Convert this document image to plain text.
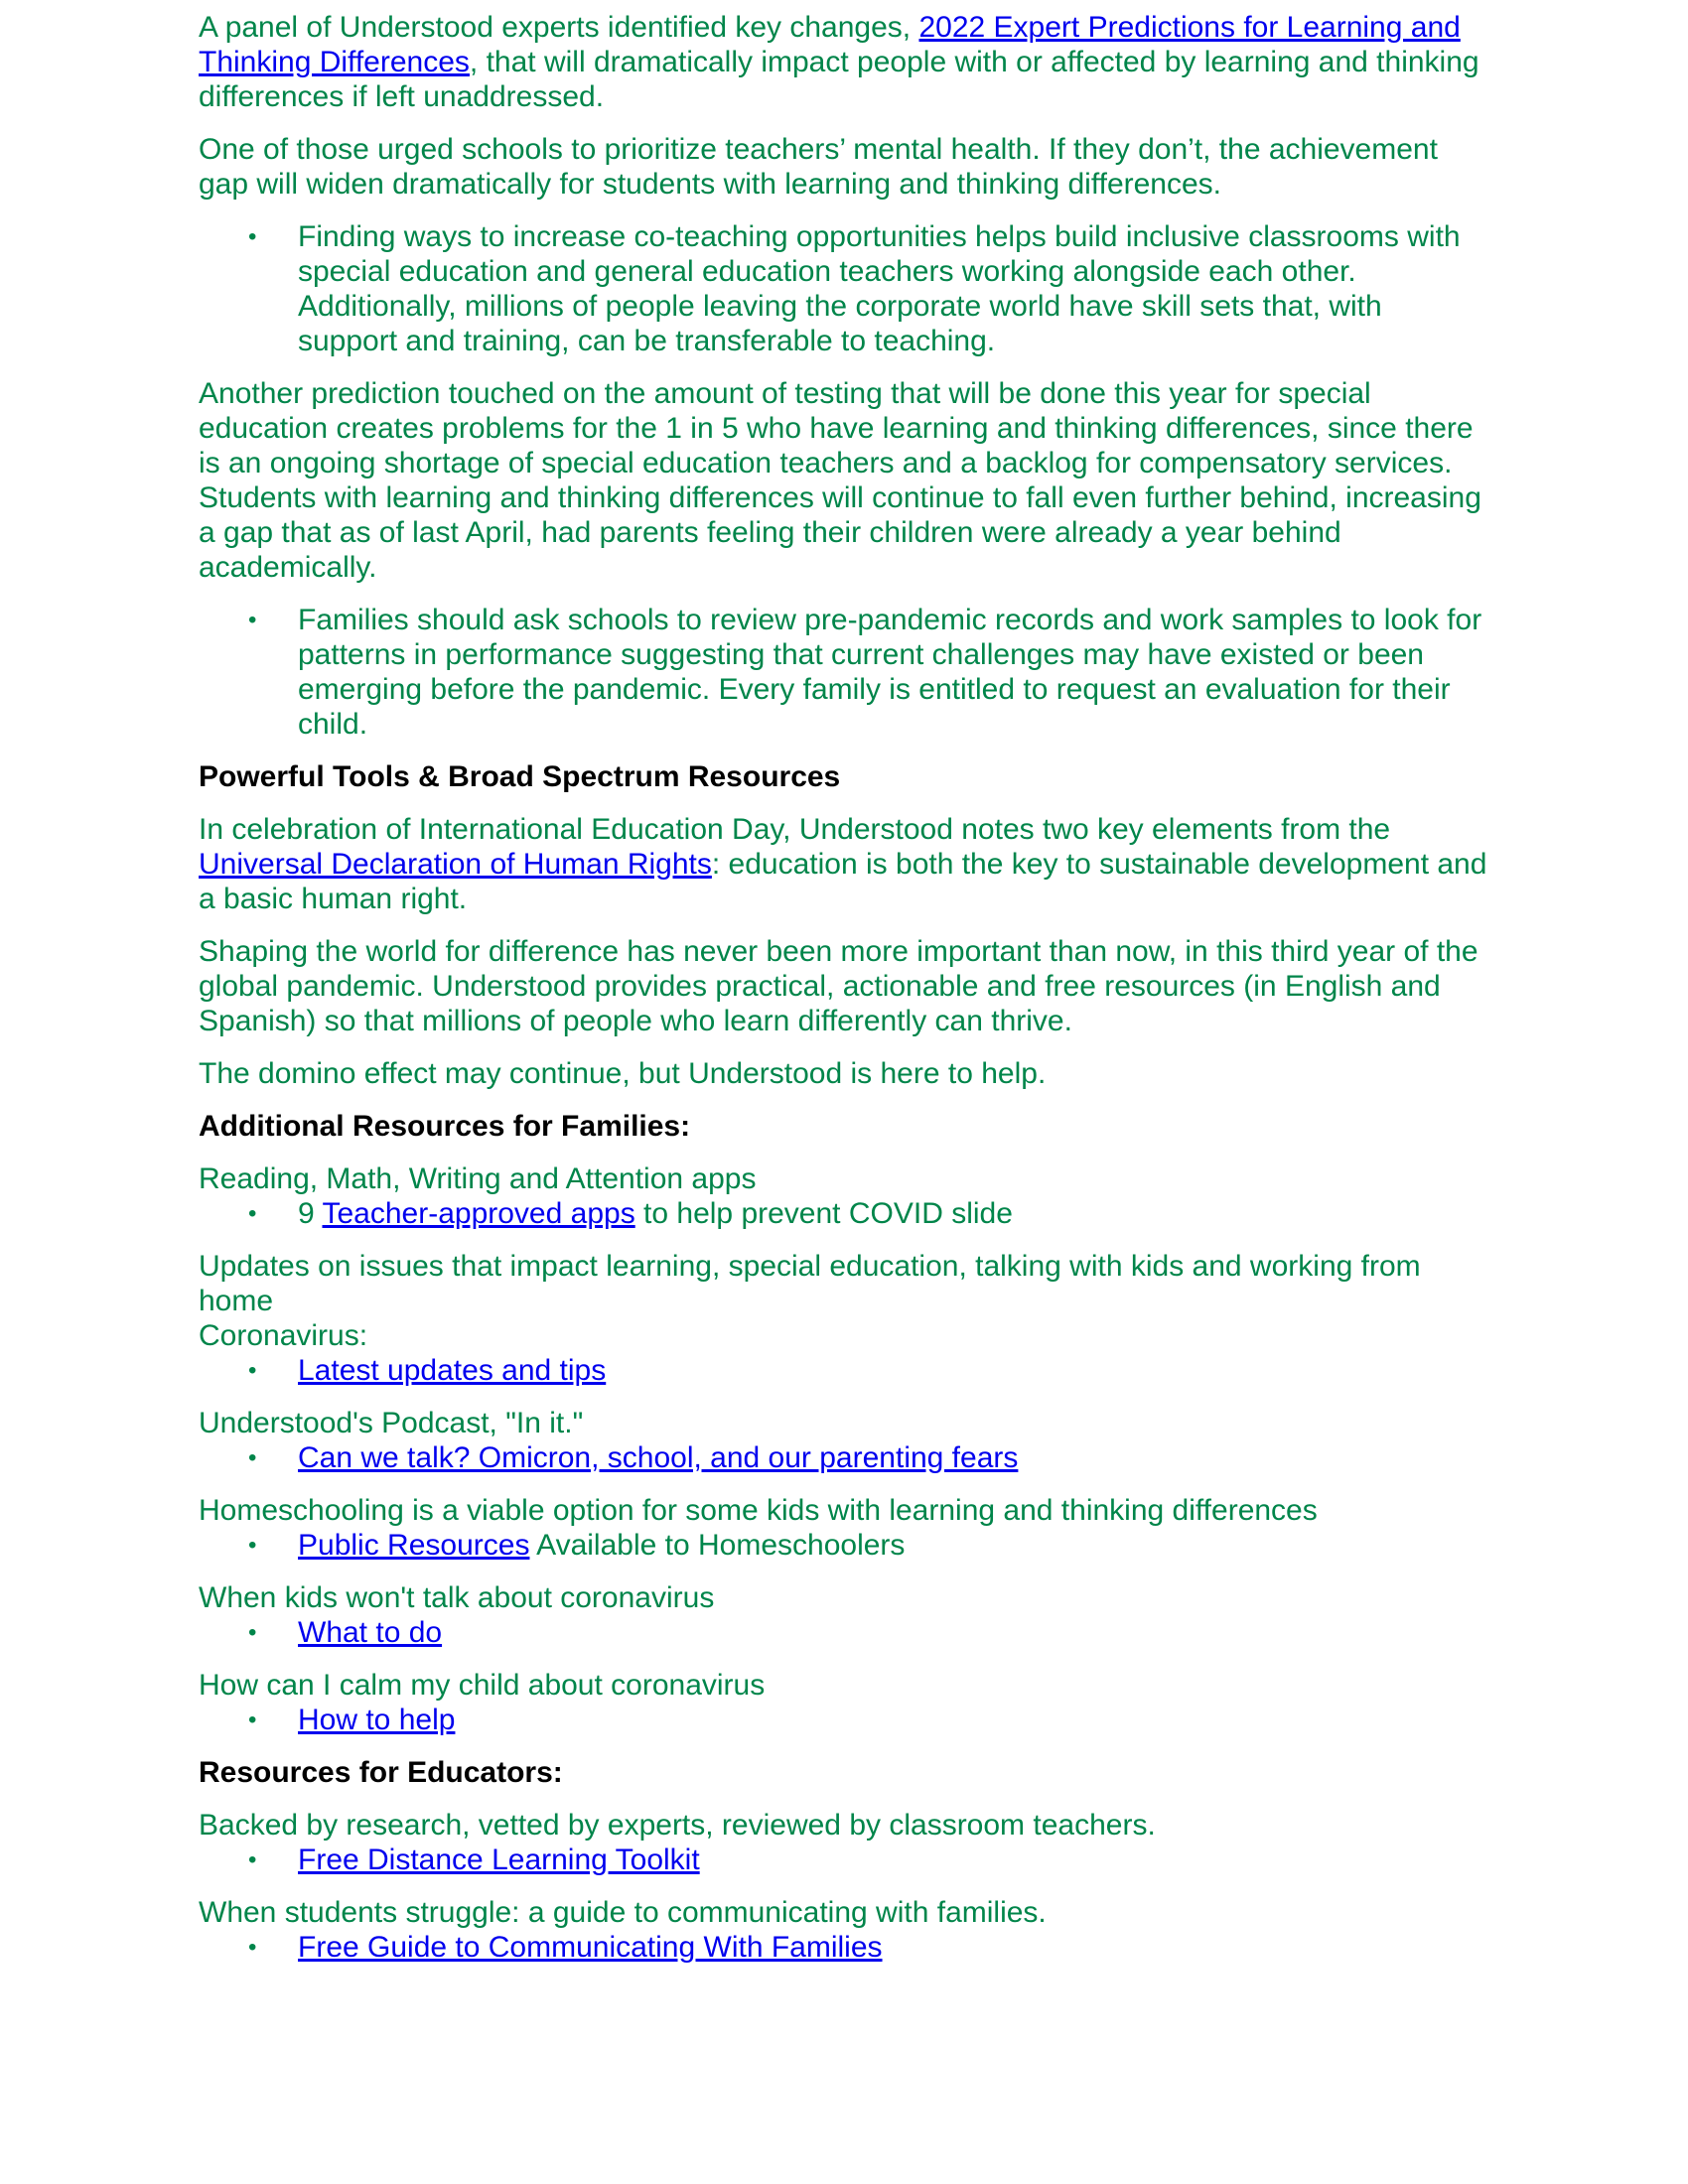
A panel of Understood experts identified key changes, 2022 Expert Predictions for Learning and Thinking Differences, that will dramatically impact people with or affected by learning and thinking differences if left unaddressed.

One of those urged schools to prioritize teachers’ mental health. If they don’t, the achievement gap will widen dramatically for students with learning and thinking differences.

• Finding ways to increase co-teaching opportunities helps build inclusive classrooms with special education and general education teachers working alongside each other. Additionally, millions of people leaving the corporate world have skill sets that, with support and training, can be transferable to teaching.

Another prediction touched on the amount of testing that will be done this year for special education creates problems for the 1 in 5 who have learning and thinking differences, since there is an ongoing shortage of special education teachers and a backlog for compensatory services. Students with learning and thinking differences will continue to fall even further behind, increasing a gap that as of last April, had parents feeling their children were already a year behind academically.

• Families should ask schools to review pre-pandemic records and work samples to look for patterns in performance suggesting that current challenges may have existed or been emerging before the pandemic. Every family is entitled to request an evaluation for their child.
Powerful Tools & Broad Spectrum Resources

In celebration of International Education Day, Understood notes two key elements from the Universal Declaration of Human Rights: education is both the key to sustainable development and a basic human right.

Shaping the world for difference has never been more important than now, in this third year of the global pandemic. Understood provides practical, actionable and free resources (in English and Spanish) so that millions of people who learn differently can thrive.

The domino effect may continue, but Understood is here to help.

Additional Resources for Families:

Reading, Math, Writing and Attention apps

• 9 Teacher-approved apps to help prevent COVID slide

Updates on issues that impact learning, special education, talking with kids and working from home

Coronavirus:

• Latest updates and tips

Understood's Podcast, "In it."

• Can we talk? Omicron, school, and our parenting fears

Homeschooling is a viable option for some kids with learning and thinking differences

• Public Resources Available to Homeschoolers

When kids won't talk about coronavirus

• What to do

How can I calm my child about coronavirus

• How to help
Resources for Educators:

Backed by research, vetted by experts, reviewed by classroom teachers.

• Free Distance Learning Toolkit

When students struggle: a guide to communicating with families.

• Free Guide to Communicating With Families
